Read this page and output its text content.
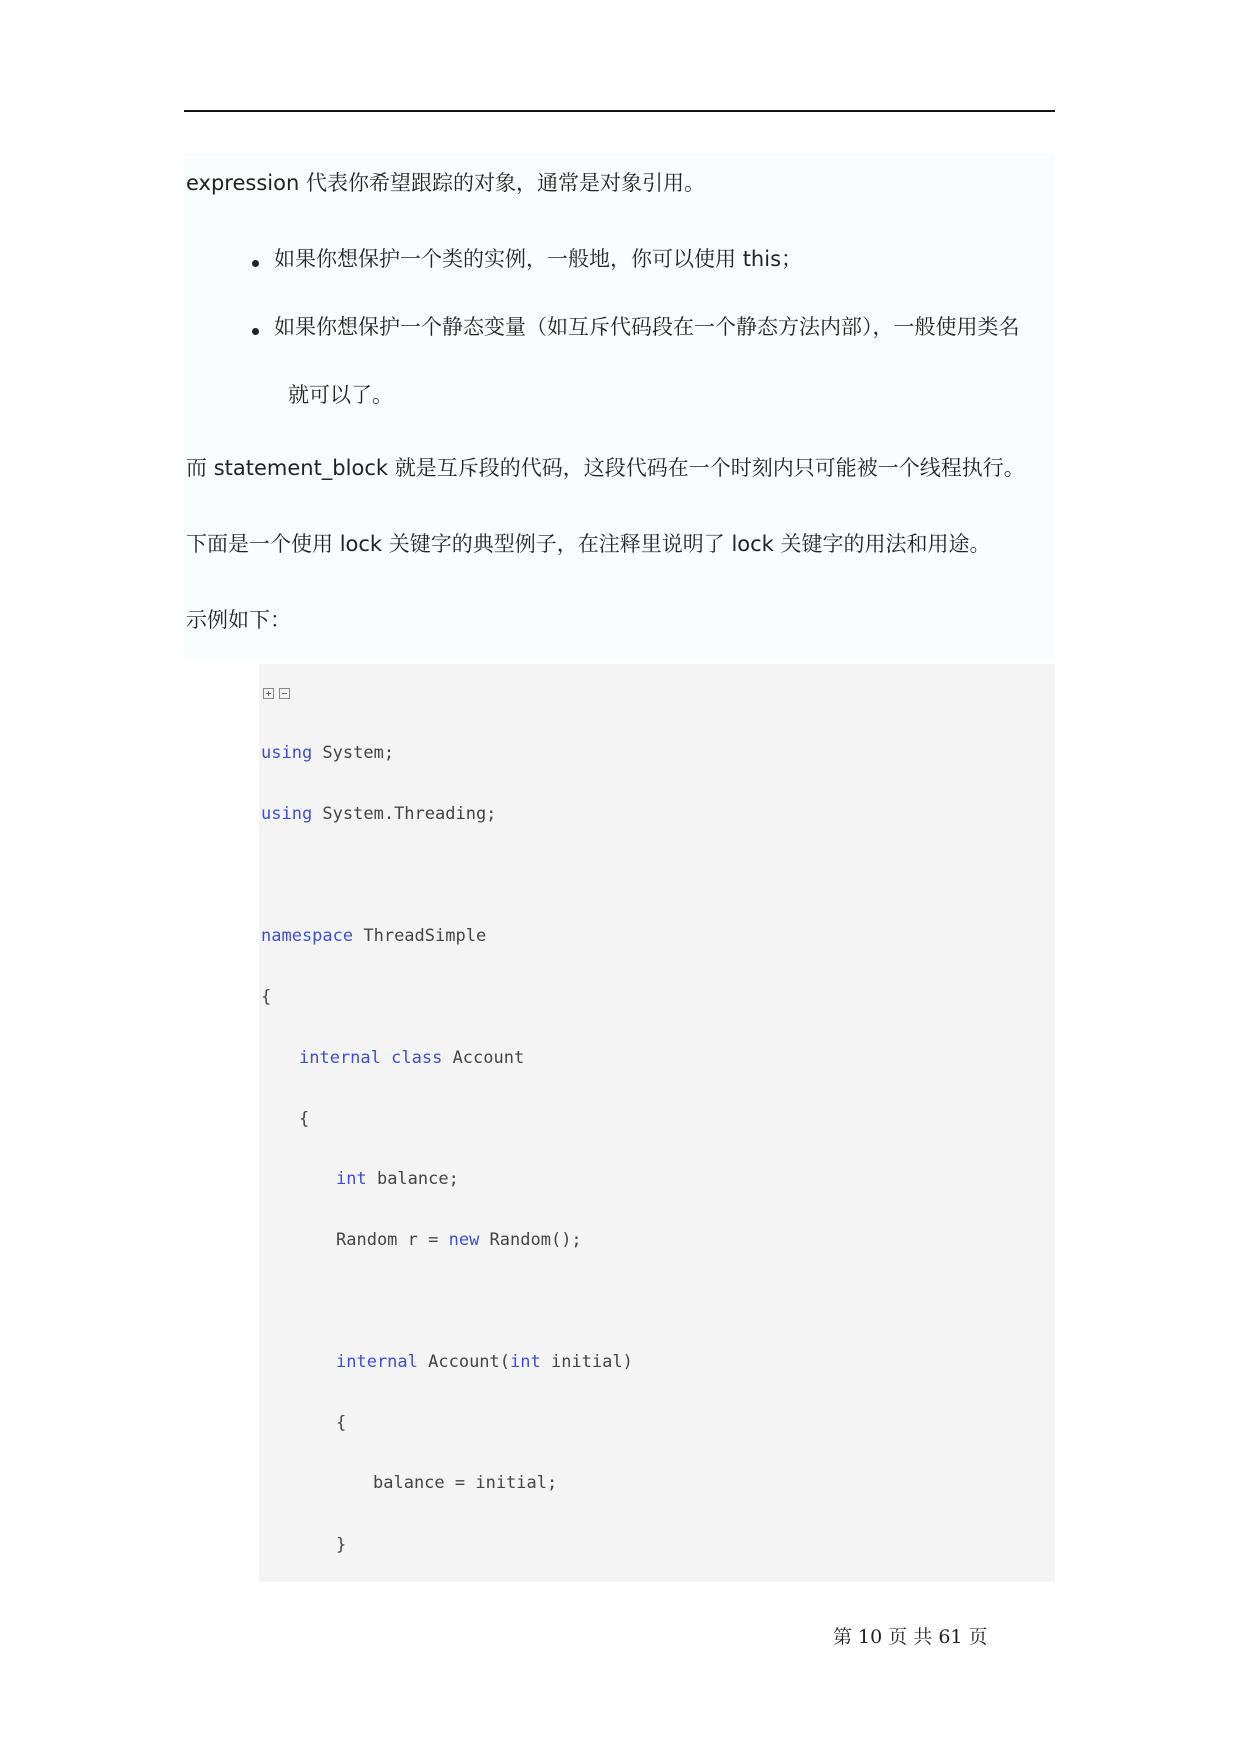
expression 代表你希望跟踪的对象，通常是对象引用。
如果你想保护一个类的实例，一般地，你可以使用 this；
如果你想保护一个静态变量（如互斥代码段在一个静态方法内部），一般使用类名
就可以了。
而 statement_block 就是互斥段的代码，这段代码在一个时刻内只可能被一个线程执行。
下面是一个使用 lock 关键字的典型例子，在注释里说明了 lock 关键字的用法和用途。
示例如下：
using System;
using System.Threading;
namespace ThreadSimple
{
internal class Account
{
int balance;
Random r = new Random();
internal Account(int initial)
{
balance = initial;
}
第 10 页 共 61 页
